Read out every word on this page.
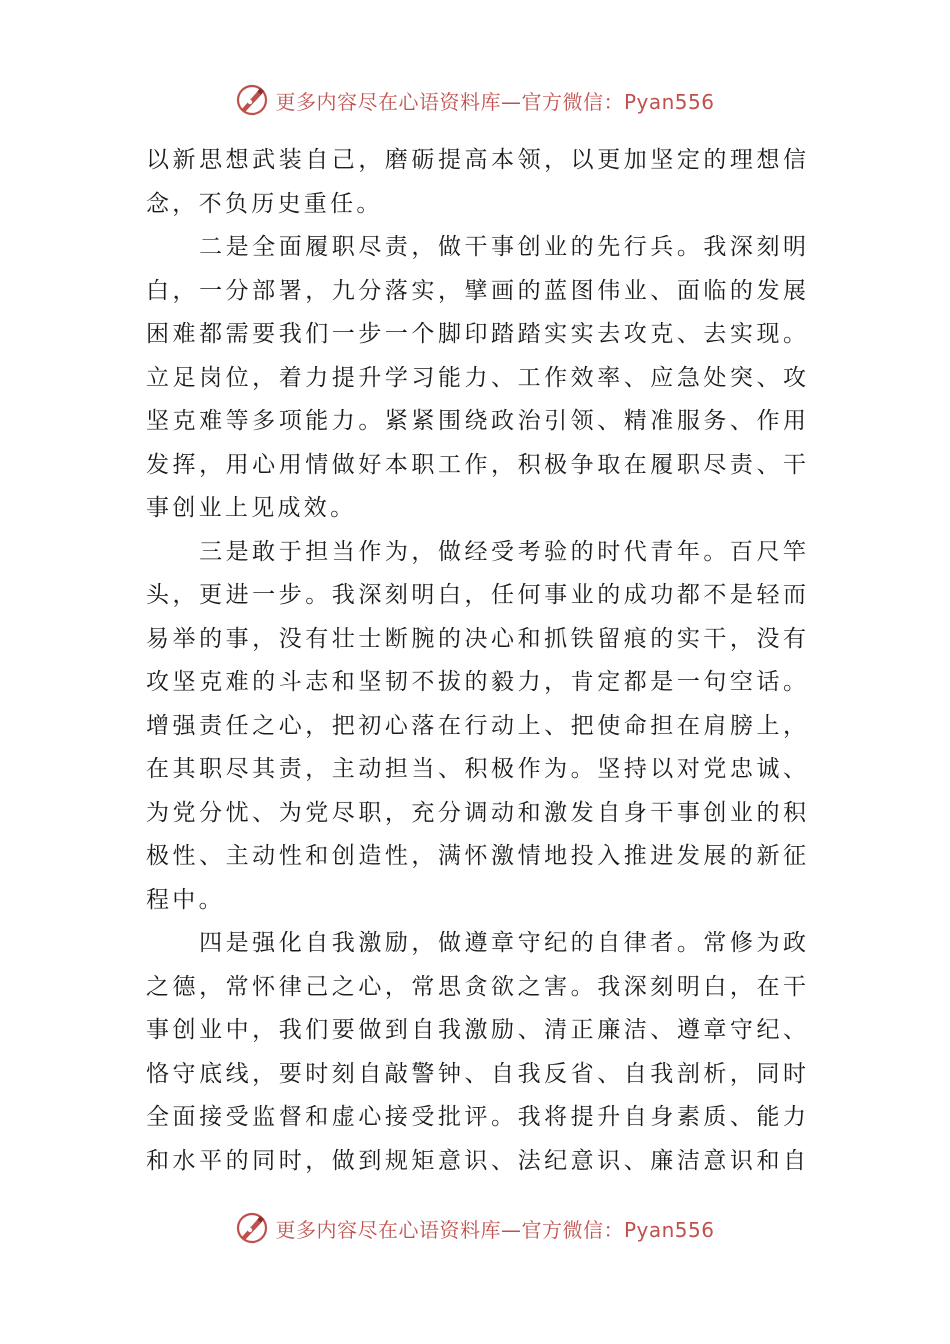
更多内容尽在心语资料库—官方微信：Pyan556
以新思想武装自己，磨砺提高本领，以更加坚定的理想信
念，不负历史重任。
　　二是全面履职尽责，做干事创业的先行兵。我深刻明
白，一分部署，九分落实，擘画的蓝图伟业、面临的发展
困难都需要我们一步一个脚印踏踏实实去攻克、去实现。
立足岗位，着力提升学习能力、工作效率、应急处突、攻
坚克难等多项能力。紧紧围绕政治引领、精准服务、作用
发挥，用心用情做好本职工作，积极争取在履职尽责、干
事创业上见成效。
　　三是敢于担当作为，做经受考验的时代青年。百尺竿
头，更进一步。我深刻明白，任何事业的成功都不是轻而
易举的事，没有壮士断腕的决心和抓铁留痕的实干，没有
攻坚克难的斗志和坚韧不拔的毅力，肯定都是一句空话。
增强责任之心，把初心落在行动上、把使命担在肩膀上，
在其职尽其责，主动担当、积极作为。坚持以对党忠诚、
为党分忧、为党尽职，充分调动和激发自身干事创业的积
极性、主动性和创造性，满怀激情地投入推进发展的新征
程中。
　　四是强化自我激励，做遵章守纪的自律者。常修为政
之德，常怀律己之心，常思贪欲之害。我深刻明白，在干
事创业中，我们要做到自我激励、清正廉洁、遵章守纪、
恪守底线，要时刻自敲警钟、自我反省、自我剖析，同时
全面接受监督和虚心接受批评。我将提升自身素质、能力
和水平的同时，做到规矩意识、法纪意识、廉洁意识和自
更多内容尽在心语资料库—官方微信：Pyan556
